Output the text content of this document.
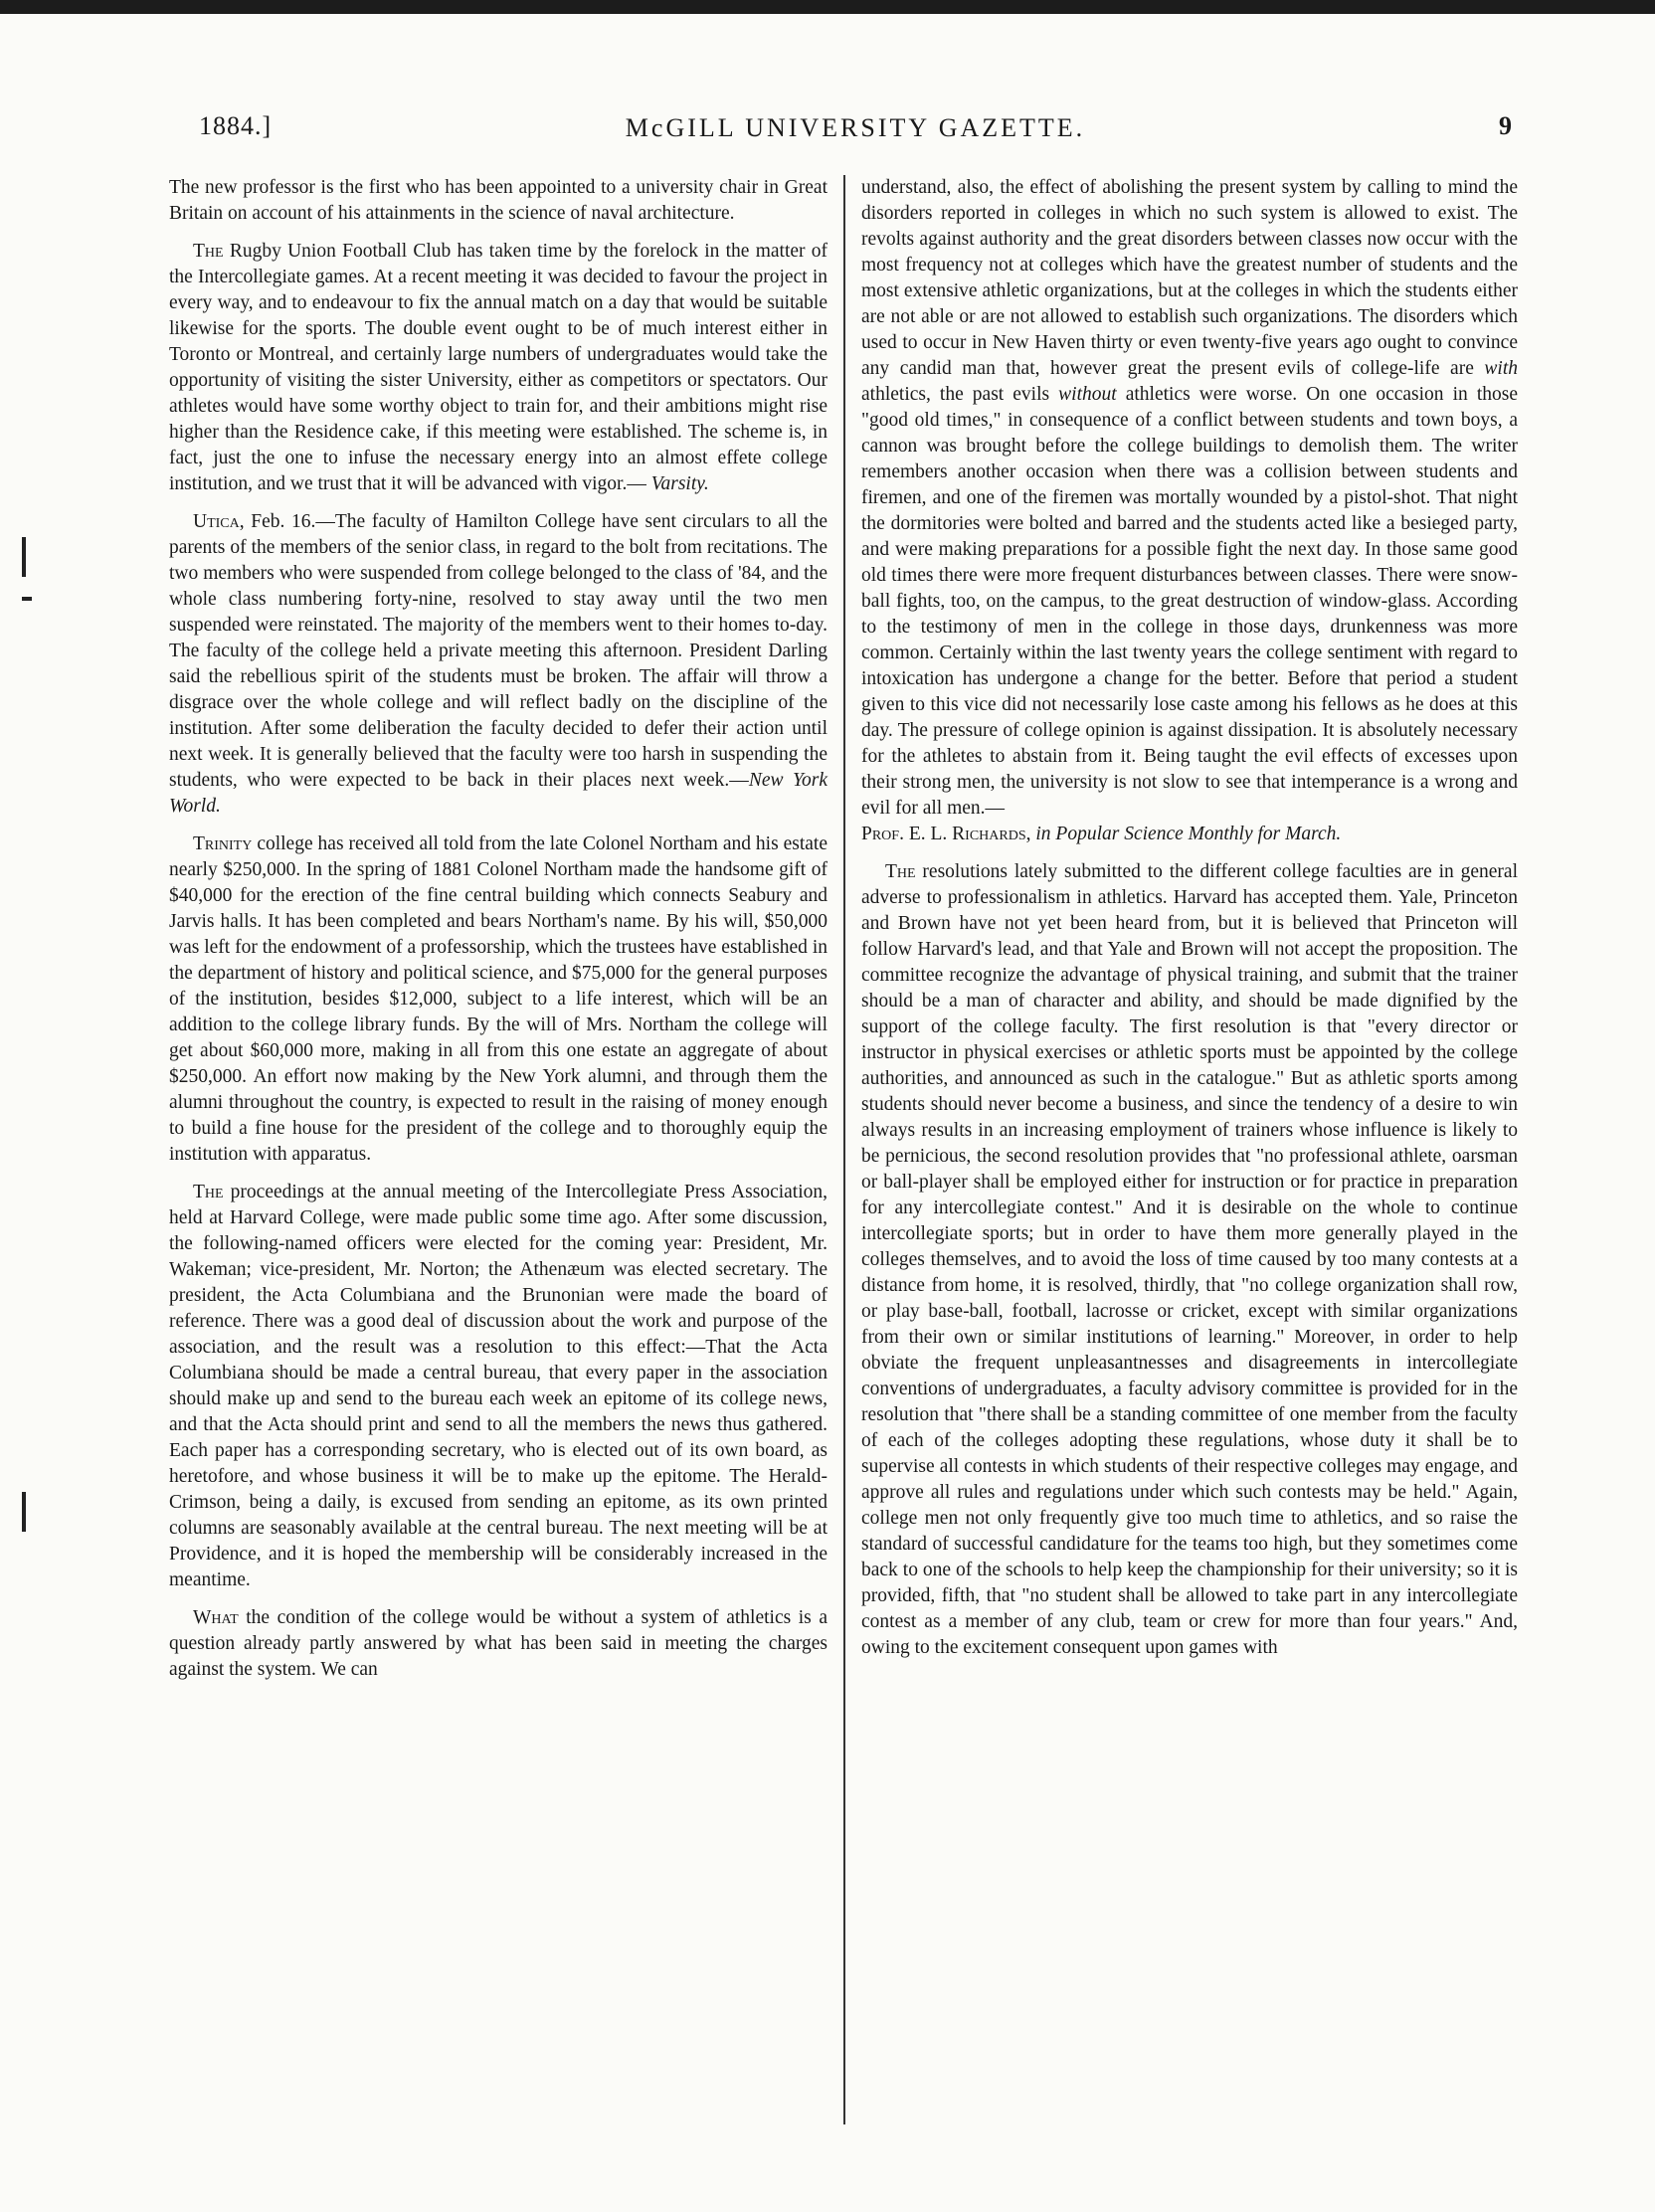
1884.]	McGILL UNIVERSITY GAZETTE.	9

The new professor is the first who has been appointed to a university chair in Great Britain on account of his attainments in the science of naval architecture.

The Rugby Union Football Club has taken time by the forelock in the matter of the Intercollegiate games. At a recent meeting it was decided to favour the project in every way, and to endeavour to fix the annual match on a day that would be suitable likewise for the sports. The double event ought to be of much interest either in Toronto or Montreal, and certainly large numbers of undergraduates would take the opportunity of visiting the sister University, either as competitors or spectators. Our athletes would have some worthy object to train for, and their ambitions might rise higher than the Residence cake, if this meeting were established. The scheme is, in fact, just the one to infuse the necessary energy into an almost effete college institution, and we trust that it will be advanced with vigor.— Varsity.

Utica, Feb. 16.—The faculty of Hamilton College have sent circulars to all the parents of the members of the senior class, in regard to the bolt from recitations. The two members who were suspended from college belonged to the class of '84, and the whole class numbering forty-nine, resolved to stay away until the two men suspended were reinstated. The majority of the members went to their homes to-day. The faculty of the college held a private meeting this afternoon. President Darling said the rebellious spirit of the students must be broken. The affair will throw a disgrace over the whole college and will reflect badly on the discipline of the institution. After some deliberation the faculty decided to defer their action until next week. It is generally believed that the faculty were too harsh in suspending the students, who were expected to be back in their places next week.—New York World.

Trinity college has received all told from the late Colonel Northam and his estate nearly $250,000. In the spring of 1881 Colonel Northam made the handsome gift of $40,000 for the erection of the fine central building which connects Seabury and Jarvis halls. It has been completed and bears Northam's name. By his will, $50,000 was left for the endowment of a professorship, which the trustees have established in the department of history and political science, and $75,000 for the general purposes of the institution, besides $12,000, subject to a life interest, which will be an addition to the college library funds. By the will of Mrs. Northam the college will get about $60,000 more, making in all from this one estate an aggregate of about $250,000. An effort now making by the New York alumni, and through them the alumni throughout the country, is expected to result in the raising of money enough to build a fine house for the president of the college and to thoroughly equip the institution with apparatus.

The proceedings at the annual meeting of the Intercollegiate Press Association, held at Harvard College, were made public some time ago. After some discussion, the following-named officers were elected for the coming year: President, Mr. Wakeman; vice-president, Mr. Norton; the Athenæum was elected secretary. The president, the Acta Columbiana and the Brunonian were made the board of reference. There was a good deal of discussion about the work and purpose of the association, and the result was a resolution to this effect:—That the Acta Columbiana should be made a central bureau, that every paper in the association should make up and send to the bureau each week an epitome of its college news, and that the Acta should print and send to all the members the news thus gathered. Each paper has a corresponding secretary, who is elected out of its own board, as heretofore, and whose business it will be to make up the epitome. The Herald-Crimson, being a daily, is excused from sending an epitome, as its own printed columns are seasonably available at the central bureau. The next meeting will be at Providence, and it is hoped the membership will be considerably increased in the meantime.

What the condition of the college would be without a system of athletics is a question already partly answered by what has been said in meeting the charges against the system. We can

understand, also, the effect of abolishing the present system by calling to mind the disorders reported in colleges in which no such system is allowed to exist. The revolts against authority and the great disorders between classes now occur with the most frequency not at colleges which have the greatest number of students and the most extensive athletic organizations, but at the colleges in which the students either are not able or are not allowed to establish such organizations. The disorders which used to occur in New Haven thirty or even twenty-five years ago ought to convince any candid man that, however great the present evils of college-life are with athletics, the past evils without athletics were worse. On one occasion in those "good old times," in consequence of a conflict between students and town boys, a cannon was brought before the college buildings to demolish them. The writer remembers another occasion when there was a collision between students and firemen, and one of the firemen was mortally wounded by a pistol-shot. That night the dormitories were bolted and barred and the students acted like a besieged party, and were making preparations for a possible fight the next day. In those same good old times there were more frequent disturbances between classes. There were snow-ball fights, too, on the campus, to the great destruction of window-glass. According to the testimony of men in the college in those days, drunkenness was more common. Certainly within the last twenty years the college sentiment with regard to intoxication has undergone a change for the better. Before that period a student given to this vice did not necessarily lose caste among his fellows as he does at this day. The pressure of college opinion is against dissipation. It is absolutely necessary for the athletes to abstain from it. Being taught the evil effects of excesses upon their strong men, the university is not slow to see that intemperance is a wrong and evil for all men.—
Prof. E. L. Richards, in Popular Science Monthly for March.

The resolutions lately submitted to the different college faculties are in general adverse to professionalism in athletics. Harvard has accepted them. Yale, Princeton and Brown have not yet been heard from, but it is believed that Princeton will follow Harvard's lead, and that Yale and Brown will not accept the proposition. The committee recognize the advantage of physical training, and submit that the trainer should be a man of character and ability, and should be made dignified by the support of the college faculty. The first resolution is that "every director or instructor in physical exercises or athletic sports must be appointed by the college authorities, and announced as such in the catalogue." But as athletic sports among students should never become a business, and since the tendency of a desire to win always results in an increasing employment of trainers whose influence is likely to be pernicious, the second resolution provides that "no professional athlete, oarsman or ball-player shall be employed either for instruction or for practice in preparation for any intercollegiate contest." And it is desirable on the whole to continue intercollegiate sports; but in order to have them more generally played in the colleges themselves, and to avoid the loss of time caused by too many contests at a distance from home, it is resolved, thirdly, that "no college organization shall row, or play base-ball, football, lacrosse or cricket, except with similar organizations from their own or similar institutions of learning." Moreover, in order to help obviate the frequent unpleasantnesses and disagreements in intercollegiate conventions of undergraduates, a faculty advisory committee is provided for in the resolution that "there shall be a standing committee of one member from the faculty of each of the colleges adopting these regulations, whose duty it shall be to supervise all contests in which students of their respective colleges may engage, and approve all rules and regulations under which such contests may be held." Again, college men not only frequently give too much time to athletics, and so raise the standard of successful candidature for the teams too high, but they sometimes come back to one of the schools to help keep the championship for their university; so it is provided, fifth, that "no student shall be allowed to take part in any intercollegiate contest as a member of any club, team or crew for more than four years." And, owing to the excitement consequent upon games with
